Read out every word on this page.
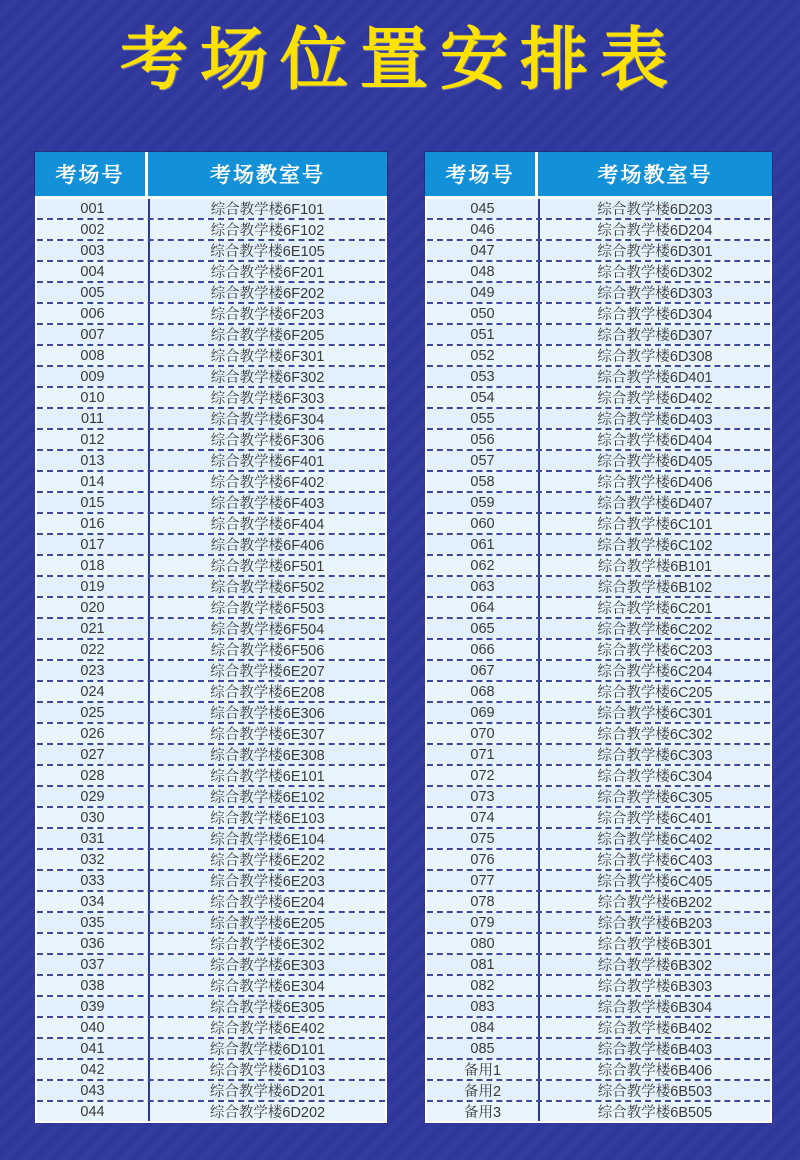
考场位置安排表
考场号	考场教室号
001	综合教学楼6F101
002	综合教学楼6F102
003	综合教学楼6E105
004	综合教学楼6F201
005	综合教学楼6F202
006	综合教学楼6F203
007	综合教学楼6F205
008	综合教学楼6F301
009	综合教学楼6F302
010	综合教学楼6F303
011	综合教学楼6F304
012	综合教学楼6F306
013	综合教学楼6F401
014	综合教学楼6F402
015	综合教学楼6F403
016	综合教学楼6F404
017	综合教学楼6F406
018	综合教学楼6F501
019	综合教学楼6F502
020	综合教学楼6F503
021	综合教学楼6F504
022	综合教学楼6F506
023	综合教学楼6E207
024	综合教学楼6E208
025	综合教学楼6E306
026	综合教学楼6E307
027	综合教学楼6E308
028	综合教学楼6E101
029	综合教学楼6E102
030	综合教学楼6E103
031	综合教学楼6E104
032	综合教学楼6E202
033	综合教学楼6E203
034	综合教学楼6E204
035	综合教学楼6E205
036	综合教学楼6E302
037	综合教学楼6E303
038	综合教学楼6E304
039	综合教学楼6E305
040	综合教学楼6E402
041	综合教学楼6D101
042	综合教学楼6D103
043	综合教学楼6D201
044	综合教学楼6D202
考场号	考场教室号
045	综合教学楼6D203
046	综合教学楼6D204
047	综合教学楼6D301
048	综合教学楼6D302
049	综合教学楼6D303
050	综合教学楼6D304
051	综合教学楼6D307
052	综合教学楼6D308
053	综合教学楼6D401
054	综合教学楼6D402
055	综合教学楼6D403
056	综合教学楼6D404
057	综合教学楼6D405
058	综合教学楼6D406
059	综合教学楼6D407
060	综合教学楼6C101
061	综合教学楼6C102
062	综合教学楼6B101
063	综合教学楼6B102
064	综合教学楼6C201
065	综合教学楼6C202
066	综合教学楼6C203
067	综合教学楼6C204
068	综合教学楼6C205
069	综合教学楼6C301
070	综合教学楼6C302
071	综合教学楼6C303
072	综合教学楼6C304
073	综合教学楼6C305
074	综合教学楼6C401
075	综合教学楼6C402
076	综合教学楼6C403
077	综合教学楼6C405
078	综合教学楼6B202
079	综合教学楼6B203
080	综合教学楼6B301
081	综合教学楼6B302
082	综合教学楼6B303
083	综合教学楼6B304
084	综合教学楼6B402
085	综合教学楼6B403
备用1	综合教学楼6B406
备用2	综合教学楼6B503
备用3	综合教学楼6B505
